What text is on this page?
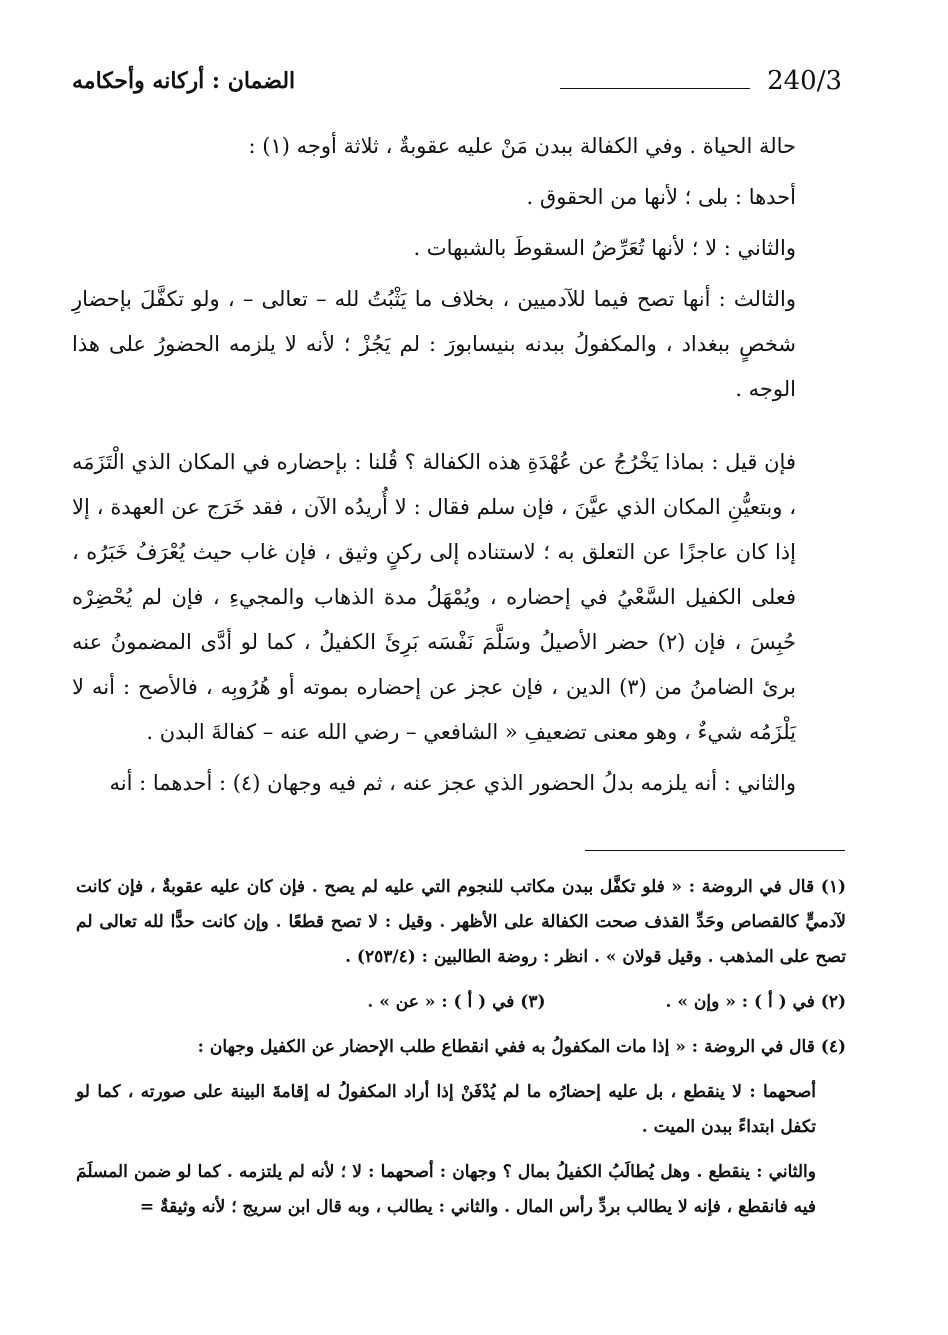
240/3
الضمان : أركانه وأحكامه

حالة الحياة . وفي الكفالة ببدن مَنْ عليه عقوبةٌ ، ثلاثة أوجه (١) :

أحدها : بلى ؛ لأنها من الحقوق .

والثاني : لا ؛ لأنها تُعَرِّضُ السقوطَ بالشبهات .

والثالث : أنها تصح فيما للآدميين ، بخلاف ما يَثْبُتُ لله – تعالى – ، ولو تكفَّلَ بإحضارِ شخصٍ ببغداد ، والمكفولُ ببدنه بنيسابورَ : لم يَجُزْ ؛ لأنه لا يلزمه الحضورُ على هذا الوجه .

فإن قيل : بماذا يَخْرُجُ عن عُهْدَةِ هذه الكفالة ؟ قُلنا : بإحضاره في المكان الذي الْتَزَمَه ، وبتعيُّنِ المكان الذي عيَّنَ ، فإن سلم فقال : لا أُريدُه الآن ، فقد خَرَج عن العهدة ، إلا إذا كان عاجزًا عن التعلق به ؛ لاستناده إلى ركنٍ وثيق ، فإن غاب حيث يُعْرَفُ خَبَرُه ، فعلى الكفيل السَّعْيُ في إحضاره ، ويُمْهَلُ مدة الذهاب والمجيءِ ، فإن لم يُحْضِرْه حُبِسَ ، فإن (٢) حضر الأصيلُ وسَلَّمَ نَفْسَه بَرِئَ الكفيلُ ، كما لو أدَّى المضمونُ عنه برئ الضامنُ من (٣) الدين ، فإن عجز عن إحضاره بموته أو هُرُوبِه ، فالأصح : أنه لا يَلْزَمُه شيءٌ ، وهو معنى تضعيفِ « الشافعي – رضي الله عنه – كفالةَ البدن .

والثاني : أنه يلزمه بدلُ الحضور الذي عجز عنه ، ثم فيه وجهان (٤) : أحدهما : أنه

(١) قال في الروضة : « فلو تكفَّل ببدن مكاتب للنجوم التي عليه لم يصح . فإن كان عليه عقوبةٌ ، فإن كانت لآدميٍّ كالقصاص وحَدِّ القذف صحت الكفالة على الأظهر . وقيل : لا تصح قطعًا . وإن كانت حدًّا لله تعالى لم تصح على المذهب . وقيل قولان » . انظر : روضة الطالبين : (٢٥٣/٤) .

(٢) في ( أ ) : « وإن » .
(٣) في ( أ ) : « عن » .

(٤) قال في الروضة : « إذا مات المكفولُ به ففي انقطاع طلب الإحضار عن الكفيل وجهان :

أصحهما : لا ينقطع ، بل عليه إحضارُه ما لم يُدْفَنْ إذا أراد المكفولُ له إقامةَ البينة على صورته ، كما لو تكفل ابتداءً ببدن الميت .

والثاني : ينقطع . وهل يُطالَبُ الكفيلُ بمال ؟ وجهان : أصحهما : لا ؛ لأنه لم يلتزمه . كما لو ضمن المسلَمَ فيه فانقطع ، فإنه لا يطالب بردِّ رأس المال . والثاني : يطالب ، وبه قال ابن سريج ؛ لأنه وثيقةٌ =
